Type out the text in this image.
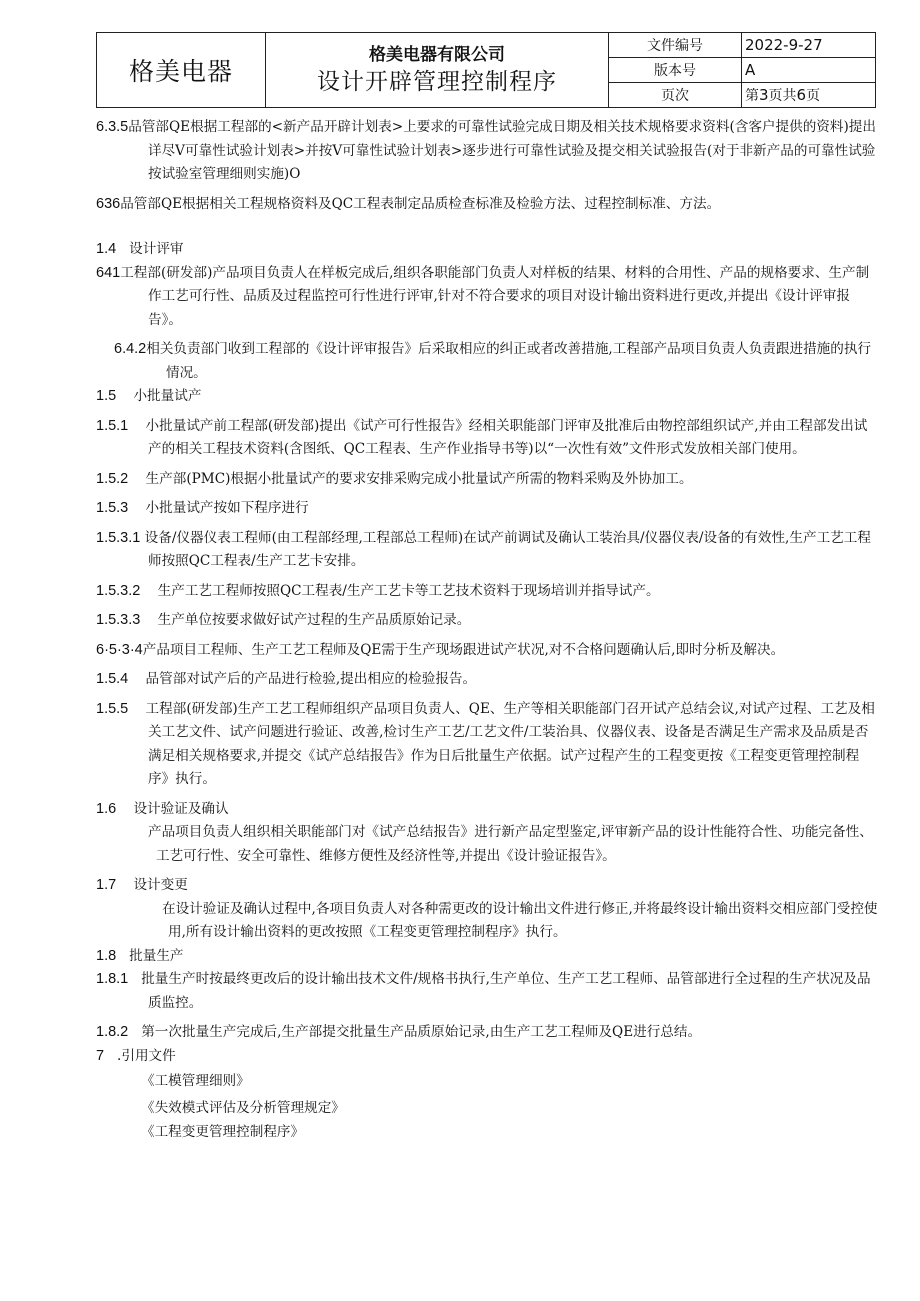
格美电器	格美电器有限公司
设计开辟管理控制程序	文件编号	2022-9-27
		版本号	A
		页次	第3页共6页

6.3.5品管部QE根据工程部的<新产品开辟计划表>上要求的可靠性试验完成日期及相关技术规格要求资料(含客户提供的资料)提出详尽V可靠性试验计划表>并按V可靠性试验计划表>逐步进行可靠性试验及提交相关试验报告(对于非新产品的可靠性试验按试验室管理细则实施)O

636品管部QE根据相关工程规格资料及QC工程表制定品质检查标准及检验方法、过程控制标准、方法。

1.4 设计评审

641工程部(研发部)产品项目负责人在样板完成后,组织各职能部门负责人对样板的结果、材料的合用性、产品的规格要求、生产制作工艺可行性、品质及过程监控可行性进行评审,针对不符合要求的项目对设计输出资料进行更改,并提出《设计评审报告》。

6.4.2相关负责部门收到工程部的《设计评审报告》后采取相应的纠正或者改善措施,工程部产品项目负责人负责跟进措施的执行情况。

1.5 小批量试产

1.5.1 小批量试产前工程部(研发部)提出《试产可行性报告》经相关职能部门评审及批准后由物控部组织试产,并由工程部发出试产的相关工程技术资料(含图纸、QC工程表、生产作业指导书等)以“一次性有效”文件形式发放相关部门使用。

1.5.2 生产部(PMC)根据小批量试产的要求安排采购完成小批量试产所需的物料采购及外协加工。

1.5.3 小批量试产按如下程序进行

1.5.3.1 设备/仪器仪表工程师(由工程部经理,工程部总工程师)在试产前调试及确认工装治具/仪器仪表/设备的有效性,生产工艺工程师按照QC工程表/生产工艺卡安排。

1.5.3.2 生产工艺工程师按照QC工程表/生产工艺卡等工艺技术资料于现场培训并指导试产。

1.5.3.3 生产单位按要求做好试产过程的生产品质原始记录。

6·5·3·4产品项目工程师、生产工艺工程师及QE需于生产现场跟进试产状况,对不合格问题确认后,即时分析及解决。

1.5.4 品管部对试产后的产品进行检验,提出相应的检验报告。

1.5.5 工程部(研发部)生产工艺工程师组织产品项目负责人、QE、生产等相关职能部门召开试产总结会议,对试产过程、工艺及相关工艺文件、试产问题进行验证、改善,检讨生产工艺/工艺文件/工装治具、仪器仪表、设备是否满足生产需求及品质是否满足相关规格要求,并提交《试产总结报告》作为日后批量生产依据。试产过程产生的工程变更按《工程变更管理控制程序》执行。

1.6 设计验证及确认

产品项目负责人组织相关职能部门对《试产总结报告》进行新产品定型鉴定,评审新产品的设计性能符合性、功能完备性、工艺可行性、安全可靠性、维修方便性及经济性等,并提出《设计验证报告》。

1.7 设计变更

在设计验证及确认过程中,各项目负责人对各种需更改的设计输出文件进行修正,并将最终设计输出资料交相应部门受控使用,所有设计输出资料的更改按照《工程变更管理控制程序》执行。

1.8 批量生产

1.8.1 批量生产时按最终更改后的设计输出技术文件/规格书执行,生产单位、生产工艺工程师、品管部进行全过程的生产状况及品质监控。

1.8.2 第一次批量生产完成后,生产部提交批量生产品质原始记录,由生产工艺工程师及QE进行总结。

7 .引用文件

《工模管理细则》

《失效模式评估及分析管理规定》

《工程变更管理控制程序》
